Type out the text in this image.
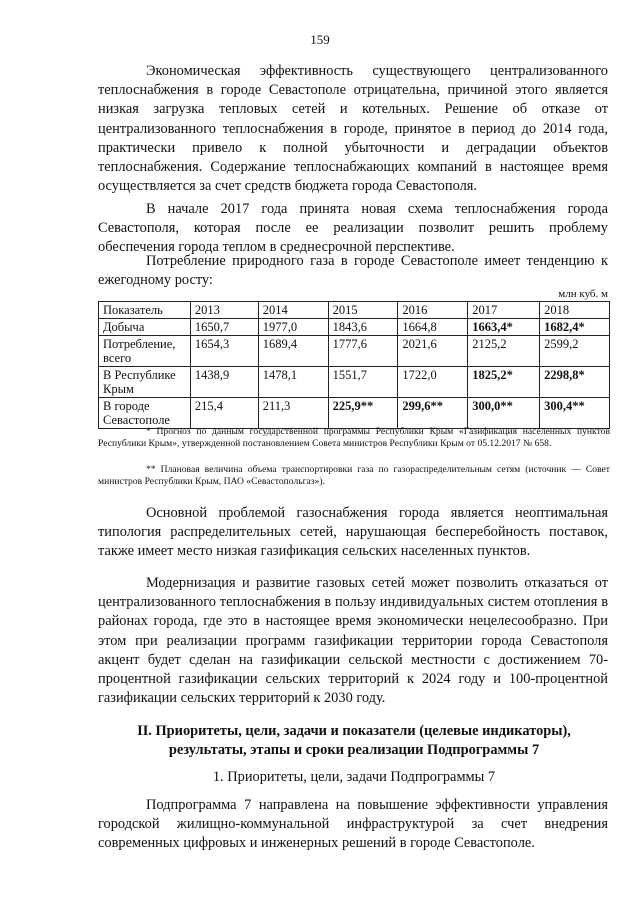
159

Экономическая эффективность существующего централизованного теплоснабжения в городе Севастополе отрицательна, причиной этого является низкая загрузка тепловых сетей и котельных. Решение об отказе от централизованного теплоснабжения в городе, принятое в период до 2014 года, практически привело к полной убыточности и деградации объектов теплоснабжения. Содержание теплоснабжающих компаний в настоящее время осуществляется за счет средств бюджета города Севастополя.

В начале 2017 года принята новая схема теплоснабжения города Севастополя, которая после ее реализации позволит решить проблему обеспечения города теплом в среднесрочной перспективе.

Потребление природного газа в городе Севастополе имеет тенденцию к ежегодному росту:

млн куб. м
Показатель	2013	2014	2015	2016	2017	2018
Добыча	1650,7	1977,0	1843,6	1664,8	1663,4*	1682,4*
Потребление, всего	1654,3	1689,4	1777,6	2021,6	2125,2	2599,2
В Республике Крым	1438,9	1478,1	1551,7	1722,0	1825,2*	2298,8*
В городе Севастополе	215,4	211,3	225,9**	299,6**	300,0**	300,4**

* Прогноз по данным государственной программы Республики Крым «Газификация населенных пунктов Республики Крым», утвержденной постановлением Совета министров Республики Крым от 05.12.2017 № 658.

** Плановая величина объема транспортировки газа по газораспределительным сетям (источник — Совет министров Республики Крым, ПАО «Севастопольгаз»).

Основной проблемой газоснабжения города является неоптимальная типология распределительных сетей, нарушающая бесперебойность поставок, также имеет место низкая газификация сельских населенных пунктов.

Модернизация и развитие газовых сетей может позволить отказаться от централизованного теплоснабжения в пользу индивидуальных систем отопления в районах города, где это в настоящее время экономически нецелесообразно. При этом при реализации программ газификации территории города Севастополя акцент будет сделан на газификации сельской местности с достижением 70-процентной газификации сельских территорий к 2024 году и 100-процентной газификации сельских территорий к 2030 году.

II. Приоритеты, цели, задачи и показатели (целевые индикаторы), результаты, этапы и сроки реализации Подпрограммы 7
1. Приоритеты, цели, задачи Подпрограммы 7

Подпрограмма 7 направлена на повышение эффективности управления городской жилищно-коммунальной инфраструктурой за счет внедрения современных цифровых и инженерных решений в городе Севастополе.
